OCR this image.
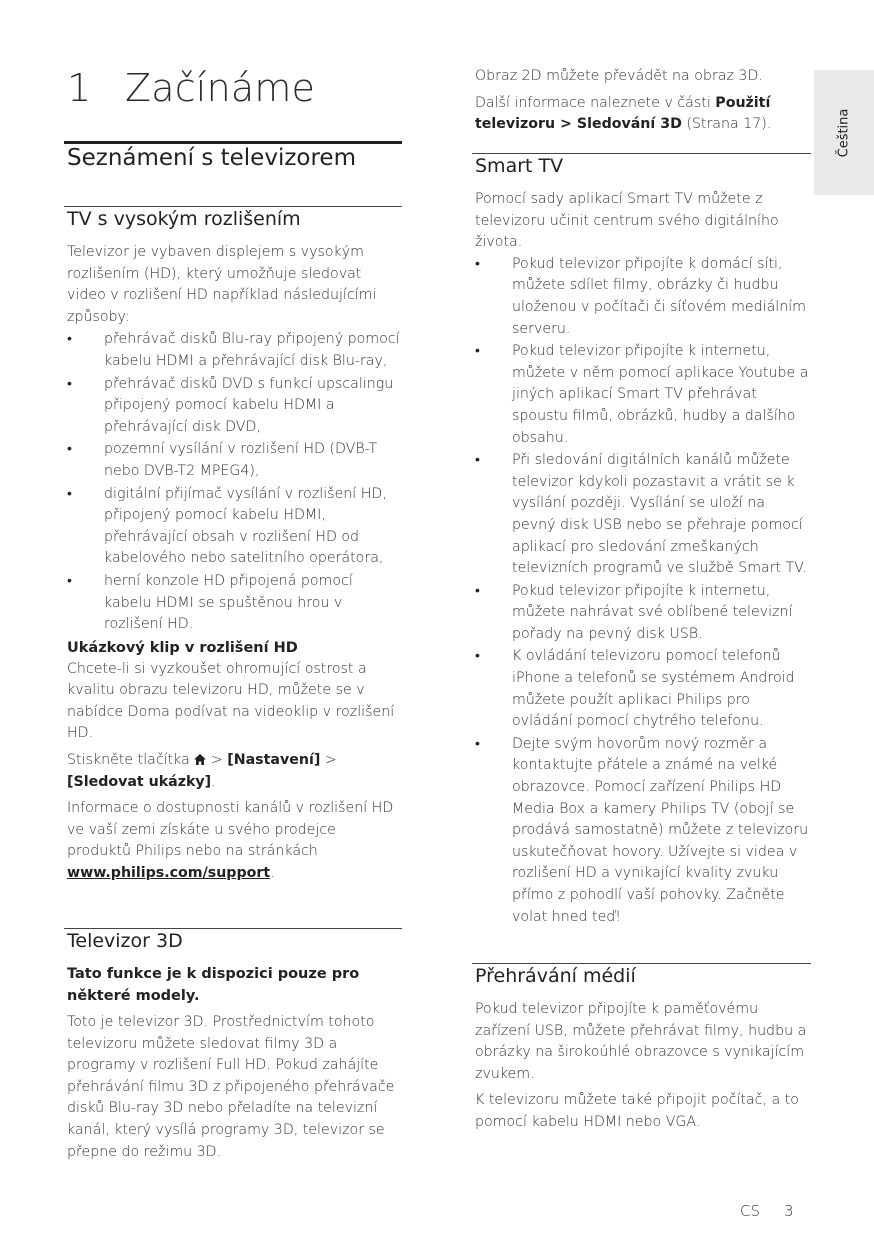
Čeština
1 Začínáme
Seznámení s televizorem
TV s vysokým rozlišením
Televizor je vybaven displejem s vysokým rozlišením (HD), který umožňuje sledovat video v rozlišení HD například následujícími způsoby:
• přehrávač disků Blu-ray připojený pomocí kabelu HDMI a přehrávající disk Blu-ray,
• přehrávač disků DVD s funkcí upscalingu připojený pomocí kabelu HDMI a přehrávající disk DVD,
• pozemní vysílání v rozlišení HD (DVB-T nebo DVB-T2 MPEG4),
• digitální přijímač vysílání v rozlišení HD, připojený pomocí kabelu HDMI, přehrávající obsah v rozlišení HD od kabelového nebo satelitního operátora,
• herní konzole HD připojená pomocí kabelu HDMI se spuštěnou hrou v rozlišení HD.
Ukázkový klip v rozlišení HD
Chcete-li si vyzkoušet ohromující ostrost a kvalitu obrazu televizoru HD, můžete se v nabídce Doma podívat na videoklip v rozlišení HD.
Stiskněte tlačítka > [Nastavení] > [Sledovat ukázky].
Informace o dostupnosti kanálů v rozlišení HD ve vaší zemi získáte u svého prodejce produktů Philips nebo na stránkách www.philips.com/support.
Televizor 3D
Tato funkce je k dispozici pouze pro některé modely.
Toto je televizor 3D. Prostřednictvím tohoto televizoru můžete sledovat filmy 3D a programy v rozlišení Full HD. Pokud zahájíte přehrávání filmu 3D z připojeného přehrávače disků Blu-ray 3D nebo přeladíte na televizní kanál, který vysílá programy 3D, televizor se přepne do režimu 3D.
Obraz 2D můžete převádět na obraz 3D.
Další informace naleznete v části Použití televizoru > Sledování 3D (Strana 17).
Smart TV
Pomocí sady aplikací Smart TV můžete z televizoru učinit centrum svého digitálního života.
• Pokud televizor připojíte k domácí síti, můžete sdílet filmy, obrázky či hudbu uloženou v počítači či síťovém mediálním serveru.
• Pokud televizor připojíte k internetu, můžete v něm pomocí aplikace Youtube a jiných aplikací Smart TV přehrávat spoustu filmů, obrázků, hudby a dalšího obsahu.
• Při sledování digitálních kanálů můžete televizor kdykoli pozastavit a vrátit se k vysílání později. Vysílání se uloží na pevný disk USB nebo se přehraje pomocí aplikací pro sledování zmeškaných televizních programů ve službě Smart TV.
• Pokud televizor připojíte k internetu, můžete nahrávat své oblíbené televizní pořady na pevný disk USB.
• K ovládání televizoru pomocí telefonů iPhone a telefonů se systémem Android můžete použít aplikaci Philips pro ovládání pomocí chytrého telefonu.
• Dejte svým hovorům nový rozměr a kontaktujte přátele a známé na velké obrazovce. Pomocí zařízení Philips HD Media Box a kamery Philips TV (obojí se prodává samostatně) můžete z televizoru uskutečňovat hovory. Užívejte si videa v rozlišení HD a vynikající kvality zvuku přímo z pohodlí vaší pohovky. Začněte volat hned teď!
Přehrávání médií
Pokud televizor připojíte k paměťovému zařízení USB, můžete přehrávat filmy, hudbu a obrázky na širokoúhlé obrazovce s vynikajícím zvukem.
K televizoru můžete také připojit počítač, a to pomocí kabelu HDMI nebo VGA.
CS 3
